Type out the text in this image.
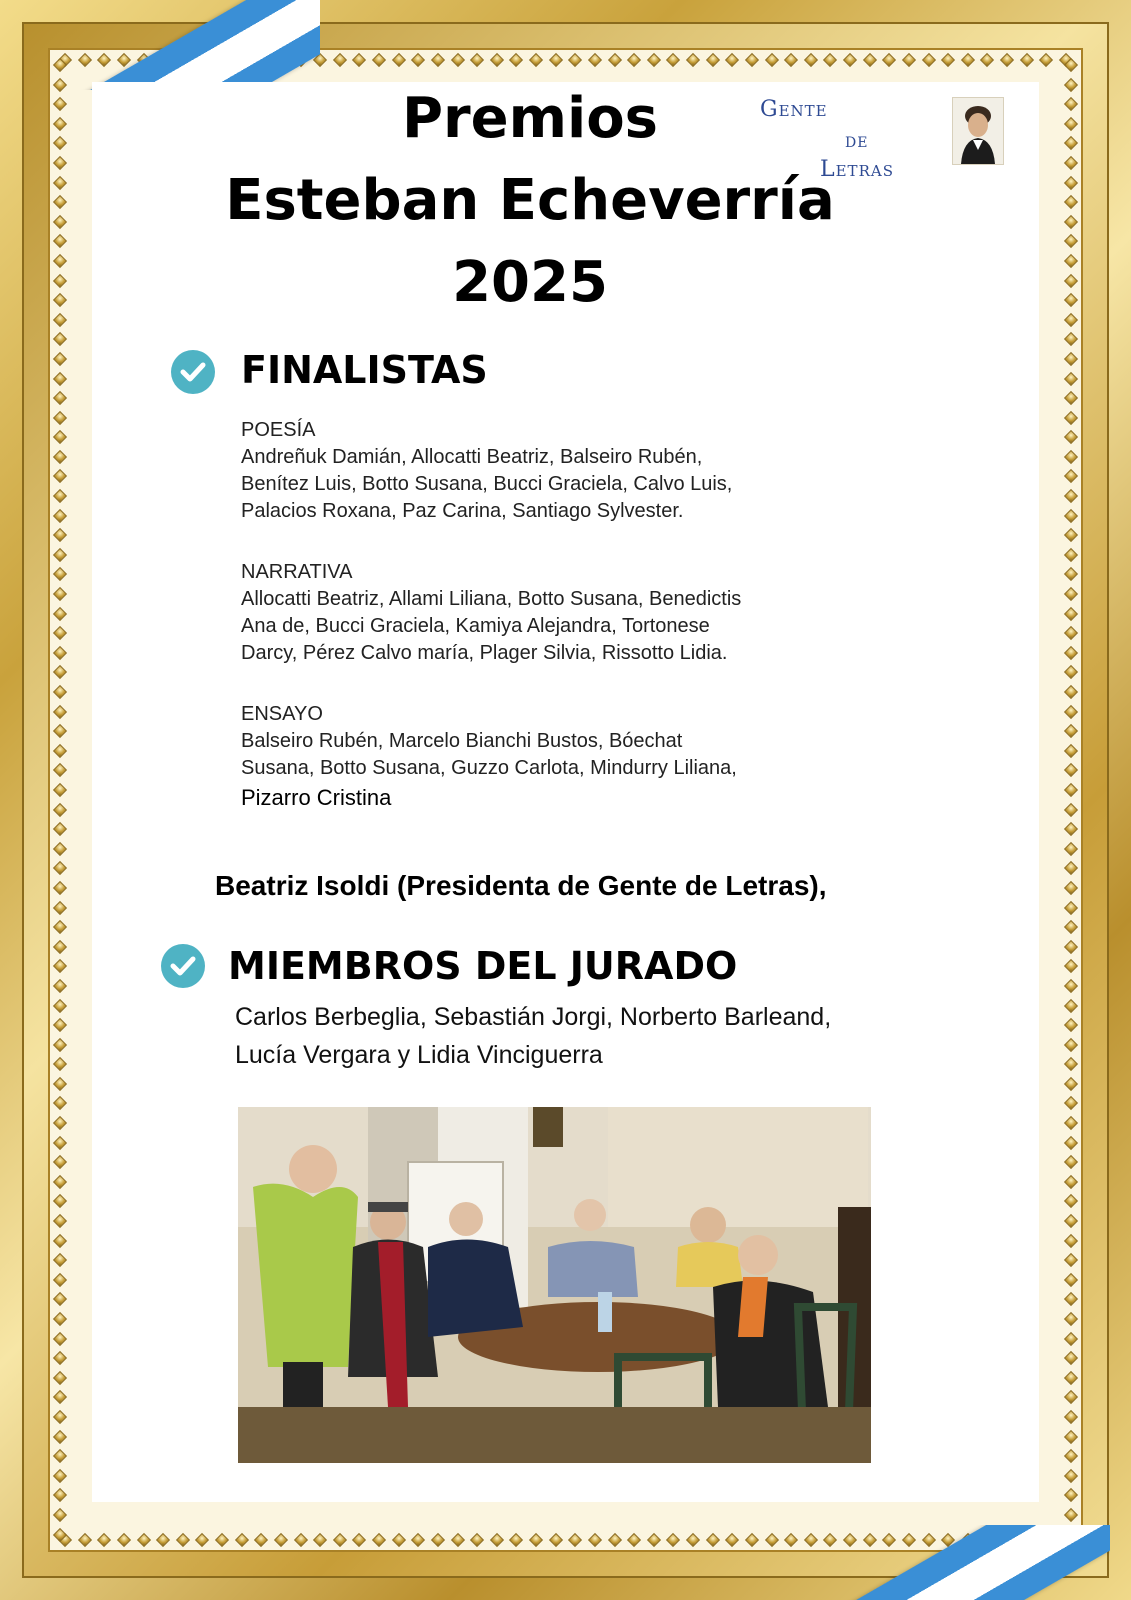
Premios
Esteban Echeverría
2025
Gente
de
Letras
FINALISTAS
POESÍA
Andreñuk Damián, Allocatti Beatriz, Balseiro Rubén,
Benítez Luis, Botto Susana, Bucci Graciela, Calvo Luis,
Palacios Roxana, Paz Carina, Santiago Sylvester.
NARRATIVA
Allocatti Beatriz, Allami Liliana, Botto Susana, Benedictis
Ana de, Bucci Graciela, Kamiya Alejandra, Tortonese
Darcy, Pérez Calvo maría, Plager Silvia, Rissotto Lidia.
ENSAYO
Balseiro Rubén, Marcelo Bianchi Bustos, Bóechat
Susana, Botto Susana, Guzzo Carlota, Mindurry Liliana,
Pizarro Cristina
Beatriz Isoldi (Presidenta de Gente de Letras),
MIEMBROS DEL JURADO
Carlos Berbeglia, Sebastián Jorgi, Norberto Barleand,
Lucía Vergara y Lidia Vinciguerra
